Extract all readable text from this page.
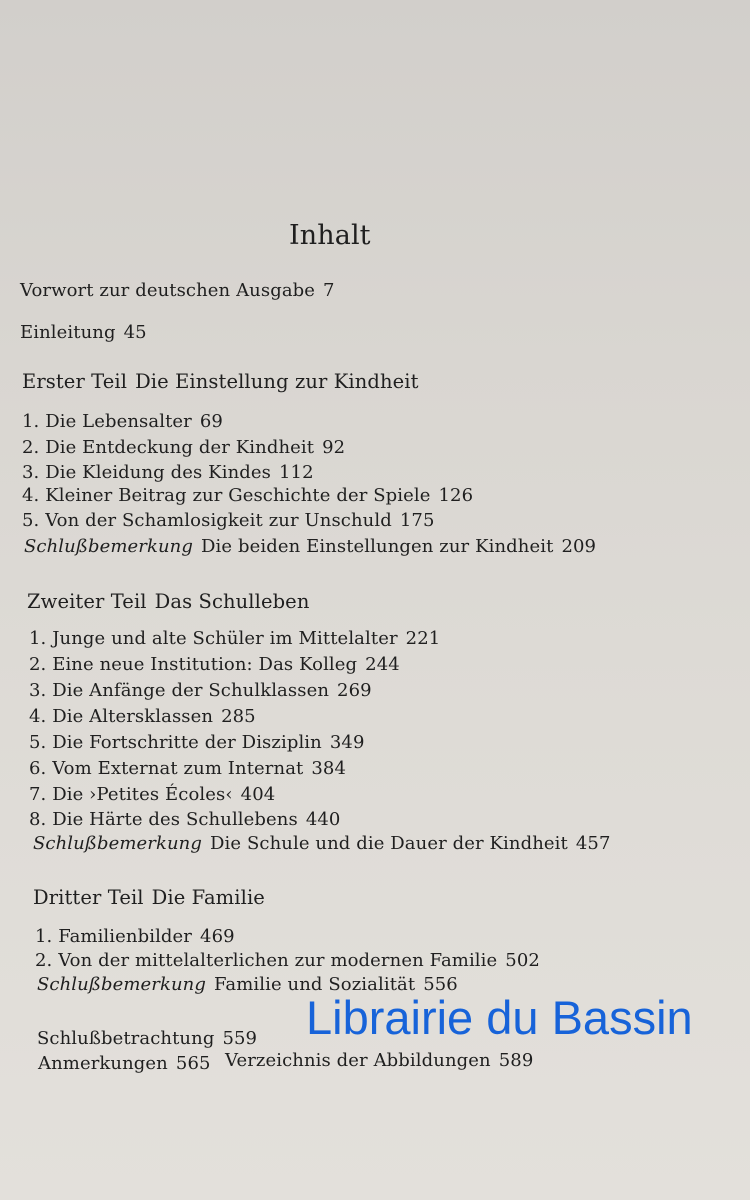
Inhalt
Vorwort zur deutschen Ausgabe 7
Einleitung 45
Erster Teil Die Einstellung zur Kindheit
1. Die Lebensalter 69
2. Die Entdeckung der Kindheit 92
3. Die Kleidung des Kindes 112
4. Kleiner Beitrag zur Geschichte der Spiele 126
5. Von der Schamlosigkeit zur Unschuld 175
Schlußbemerkung Die beiden Einstellungen zur Kindheit 209
Zweiter Teil Das Schulleben
1. Junge und alte Schüler im Mittelalter 221
2. Eine neue Institution: Das Kolleg 244
3. Die Anfänge der Schulklassen 269
4. Die Altersklassen 285
5. Die Fortschritte der Disziplin 349
6. Vom Externat zum Internat 384
7. Die ›Petites Écoles‹ 404
8. Die Härte des Schullebens 440
Schlußbemerkung Die Schule und die Dauer der Kindheit 457
Dritter Teil Die Familie
1. Familienbilder 469
2. Von der mittelalterlichen zur modernen Familie 502
Schlußbemerkung Familie und Sozialität 556
Schlußbetrachtung 559
Anmerkungen 565 Verzeichnis der Abbildungen 589
Librairie du Bassin
